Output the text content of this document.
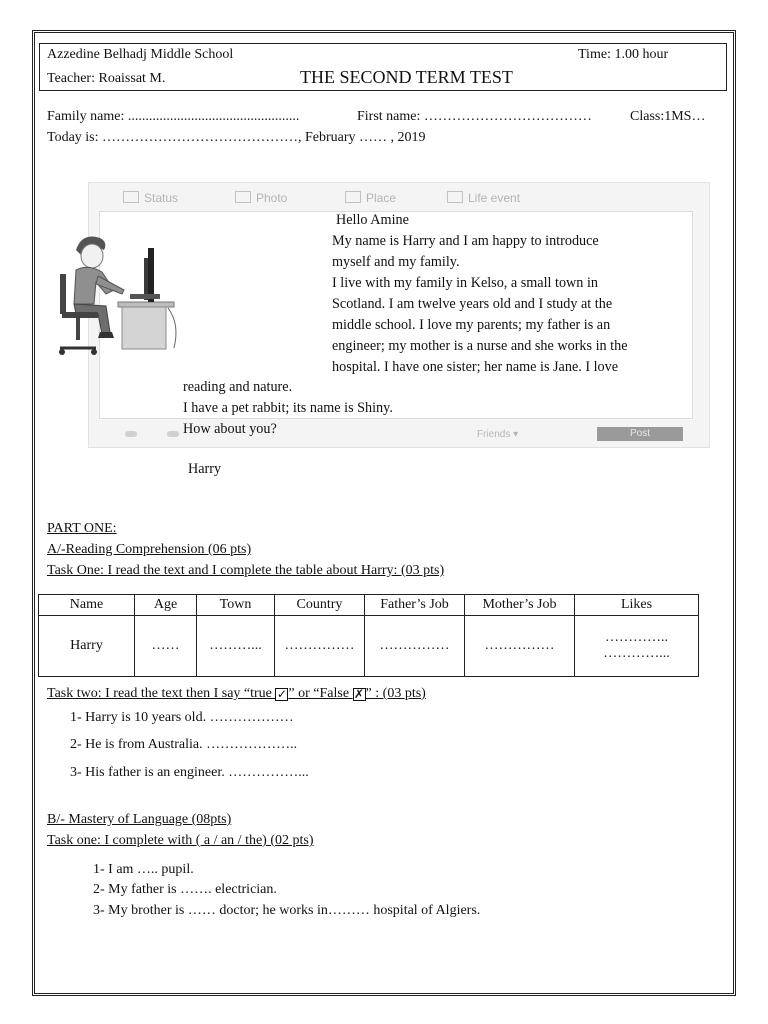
Azzedine Belhadj Middle School	Time: 1.00 hour
Teacher: Roaissat M.	THE SECOND TERM TEST
Family name: .................................................	First name: ………………………………	Class:1MS…
Today is: ……………………………………, February …… , 2019
Status	Photo	Place	Life event
Friends ▾	Post
Hello Amine
My name is Harry and I am happy to introduce
myself and my family.
I live with my family in Kelso, a small town in
Scotland. I am twelve years old and I study at the
middle school. I love my parents; my father is an
engineer; my mother is a nurse and she works in the
hospital. I have one sister; her name is Jane. I love
reading and nature.
I have a pet rabbit; its name is Shiny.
How about you?
Harry
PART ONE:
A/-Reading Comprehension (06 pts)
Task One: I read the text and I complete the table about Harry: (03 pts)
Name	Age	Town	Country	Father’s Job	Mother’s Job	Likes
Harry	……	………...	……………	……………	……………	…………..
…………...
Task two: I read the text then I say “true ✓” or “False ✗” : (03 pts)
1- Harry is 10 years old. ………………
2- He is from Australia. ………………..
3- His father is an engineer. ……………...
B/- Mastery of Language (08pts)
Task one: I complete with ( a / an / the) (02 pts)
1- I am ….. pupil.
2- My father is ……. electrician.
3- My brother is …… doctor; he works in……… hospital of Algiers.
